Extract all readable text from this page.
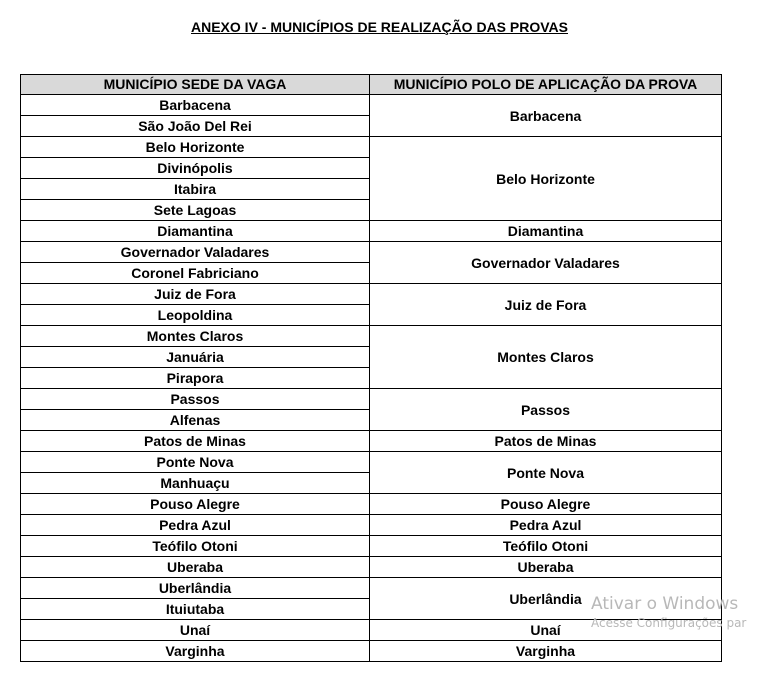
ANEXO IV - MUNICÍPIOS DE REALIZAÇÃO DAS PROVAS
MUNICÍPIO SEDE DA VAGA	MUNICÍPIO POLO DE APLICAÇÃO DA PROVA
Barbacena	Barbacena
São João Del Rei	
Belo Horizonte	Belo Horizonte
Divinópolis	
Itabira	
Sete Lagoas	
Diamantina	Diamantina
Governador Valadares	Governador Valadares
Coronel Fabriciano	
Juiz de Fora	Juiz de Fora
Leopoldina	
Montes Claros	Montes Claros
Januária	
Pirapora	
Passos	Passos
Alfenas	
Patos de Minas	Patos de Minas
Ponte Nova	Ponte Nova
Manhuaçu	
Pouso Alegre	Pouso Alegre
Pedra Azul	Pedra Azul
Teófilo Otoni	Teófilo Otoni
Uberaba	Uberaba
Uberlândia	Uberlândia
Ituiutaba	
Unaí	Unaí
Varginha	Varginha
Ativar o Windows
Acesse Configurações par
